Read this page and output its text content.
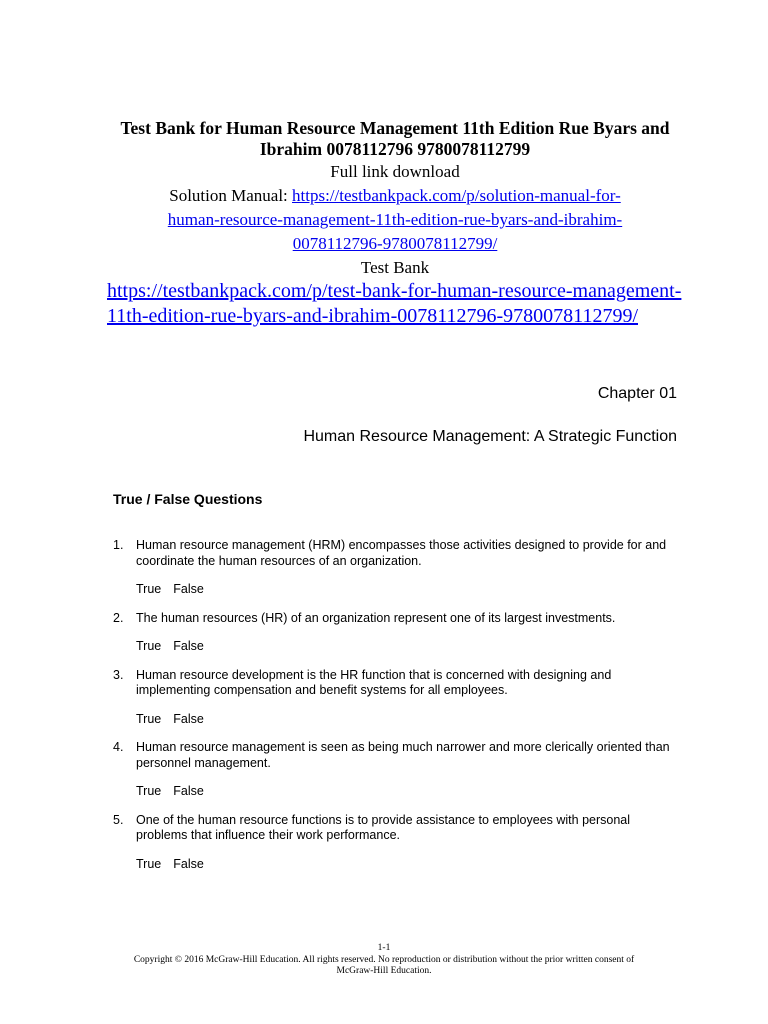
Test Bank for Human Resource Management 11th Edition Rue Byars and
Ibrahim 0078112796 9780078112799

Full link download
Solution Manual: https://testbankpack.com/p/solution-manual-for-
human-resource-management-11th-edition-rue-byars-and-ibrahim-
0078112796-9780078112799/
Test Bank
https://testbankpack.com/p/test-bank-for-human-resource-management-
11th-edition-rue-byars-and-ibrahim-0078112796-9780078112799/
Chapter 01
Human Resource Management: A Strategic Function
True / False Questions
1.	Human resource management (HRM) encompasses those activities designed to provide for and coordinate the human resources of an organization.
True False
2.	The human resources (HR) of an organization represent one of its largest investments.
True False
3.	Human resource development is the HR function that is concerned with designing and implementing compensation and benefit systems for all employees.
True False
4.	Human resource management is seen as being much narrower and more clerically oriented than personnel management.
True False
5.	One of the human resource functions is to provide assistance to employees with personal problems that influence their work performance.
True False
1-1
Copyright © 2016 McGraw-Hill Education. All rights reserved. No reproduction or distribution without the prior written consent of
McGraw-Hill Education.
